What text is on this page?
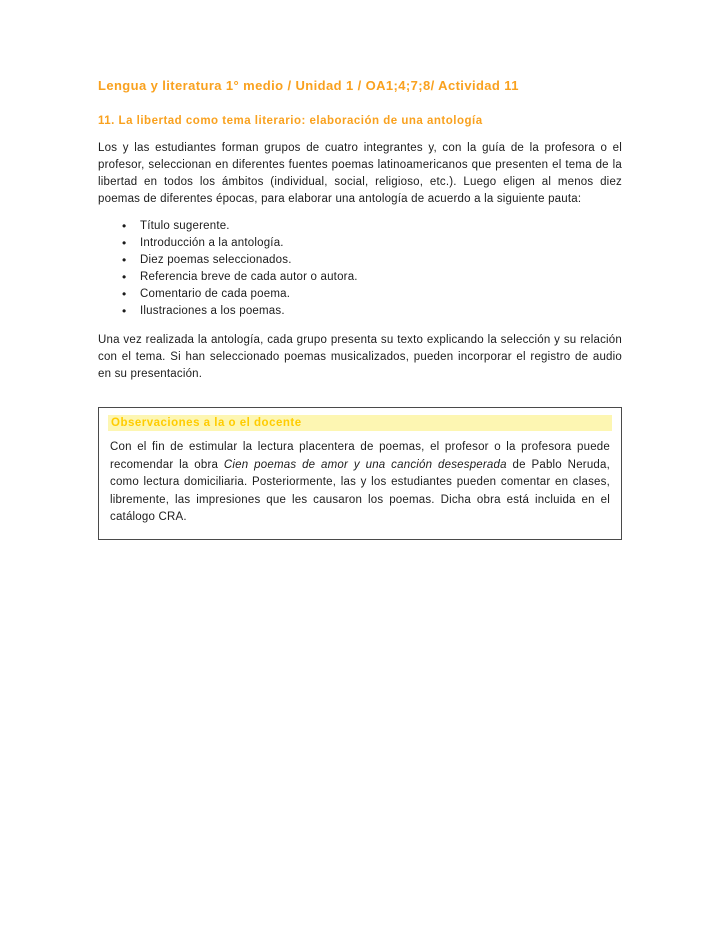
Lengua y literatura 1° medio / Unidad 1 / OA1;4;7;8/ Actividad 11
11. La libertad como tema literario: elaboración de una antología

Los y las estudiantes forman grupos de cuatro integrantes y, con la guía de la profesora o el profesor, seleccionan en diferentes fuentes poemas latinoamericanos que presenten el tema de la libertad en todos los ámbitos (individual, social, religioso, etc.). Luego eligen al menos diez poemas de diferentes épocas, para elaborar una antología de acuerdo a la siguiente pauta:

• Título sugerente.
• Introducción a la antología.
• Diez poemas seleccionados.
• Referencia breve de cada autor o autora.
• Comentario de cada poema.
• Ilustraciones a los poemas.

Una vez realizada la antología, cada grupo presenta su texto explicando la selección y su relación con el tema. Si han seleccionado poemas musicalizados, pueden incorporar el registro de audio en su presentación.

Observaciones a la o el docente

Con el fin de estimular la lectura placentera de poemas, el profesor o la profesora puede recomendar la obra Cien poemas de amor y una canción desesperada de Pablo Neruda, como lectura domiciliaria. Posteriormente, las y los estudiantes pueden comentar en clases, libremente, las impresiones que les causaron los poemas. Dicha obra está incluida en el catálogo CRA.
